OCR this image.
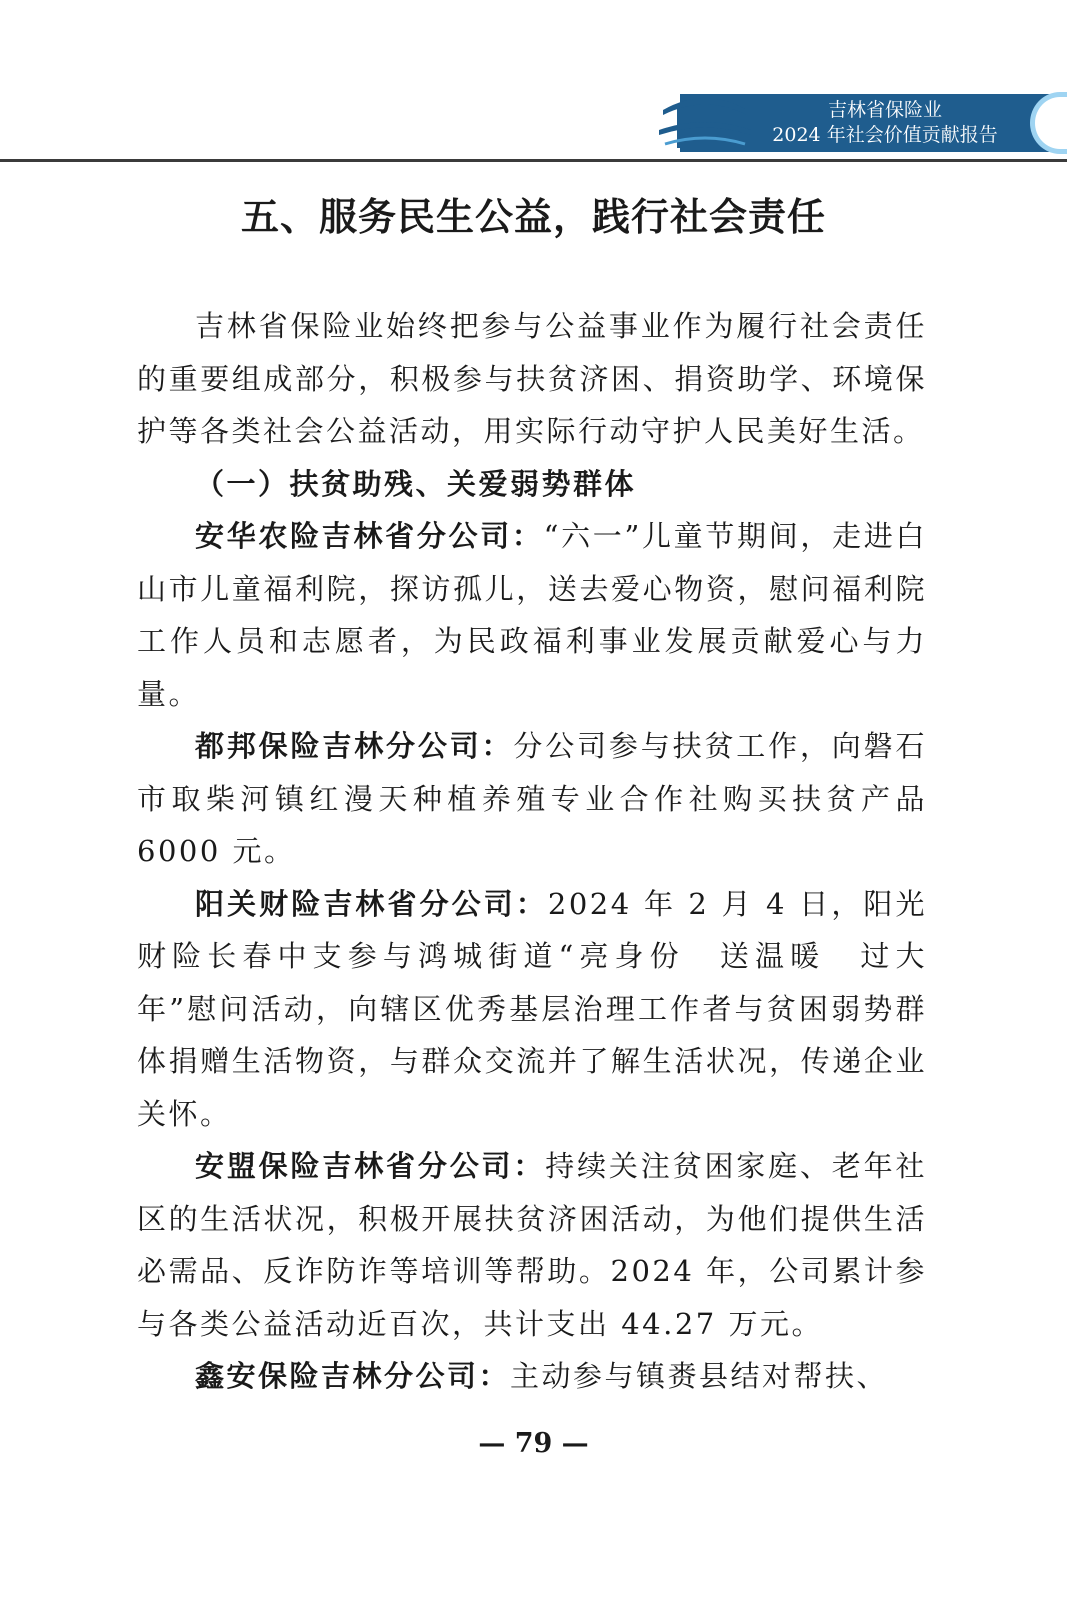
吉林省保险业
2024 年社会价值贡献报告
五、服务民生公益，践行社会责任

吉林省保险业始终把参与公益事业作为履行社会责任的重要组成部分，积极参与扶贫济困、捐资助学、环境保护等各类社会公益活动，用实际行动守护人民美好生活。

（一）扶贫助残、关爱弱势群体

安华农险吉林省分公司：“六一”儿童节期间，走进白山市儿童福利院，探访孤儿，送去爱心物资，慰问福利院工作人员和志愿者，为民政福利事业发展贡献爱心与力量。

都邦保险吉林分公司：分公司参与扶贫工作，向磐石市取柴河镇红漫天种植养殖专业合作社购买扶贫产品6000 元。

阳关财险吉林省分公司：2024 年 2 月 4 日，阳光财险长春中支参与鸿城街道“亮身份　送温暖　过大年”慰问活动，向辖区优秀基层治理工作者与贫困弱势群体捐赠生活物资，与群众交流并了解生活状况，传递企业关怀。

安盟保险吉林省分公司：持续关注贫困家庭、老年社区的生活状况，积极开展扶贫济困活动，为他们提供生活必需品、反诈防诈等培训等帮助。2024 年，公司累计参与各类公益活动近百次，共计支出 44.27 万元。

鑫安保险吉林分公司：主动参与镇赉县结对帮扶、

— 79 —
